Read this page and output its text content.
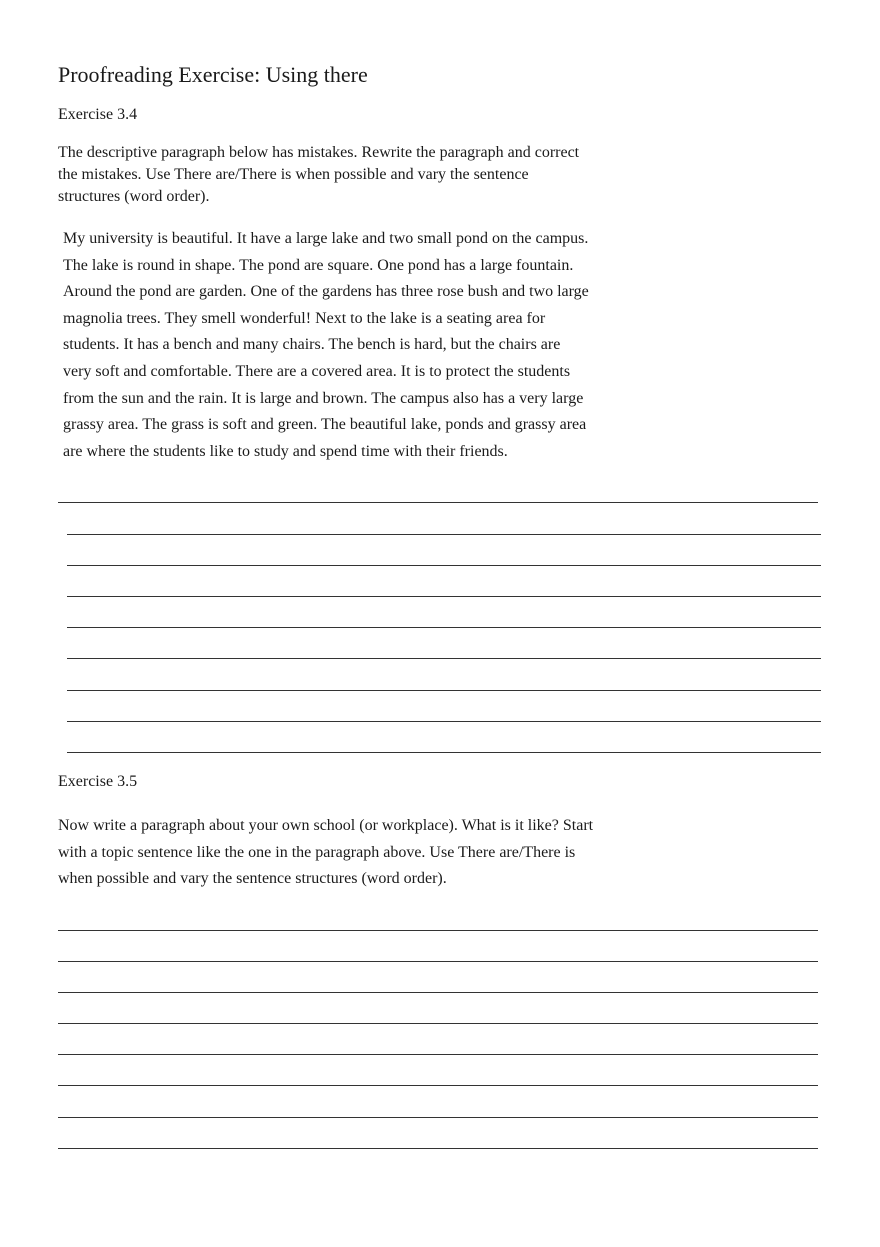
Proofreading Exercise: Using there
Exercise 3.4
The descriptive paragraph below has mistakes. Rewrite the paragraph and correct
the mistakes. Use There are/There is when possible and vary the sentence
structures (word order).
My university is beautiful. It have a large lake and two small pond on the campus.
The lake is round in shape. The pond are square. One pond has a large fountain.
Around the pond are garden. One of the gardens has three rose bush and two large
magnolia trees. They smell wonderful! Next to the lake is a seating area for
students. It has a bench and many chairs. The bench is hard, but the chairs are
very soft and comfortable. There are a covered area. It is to protect the students
from the sun and the rain. It is large and brown. The campus also has a very large
grassy area. The grass is soft and green. The beautiful lake, ponds and grassy area
are where the students like to study and spend time with their friends.
Exercise 3.5
Now write a paragraph about your own school (or workplace). What is it like? Start
with a topic sentence like the one in the paragraph above. Use There are/There is
when possible and vary the sentence structures (word order).
